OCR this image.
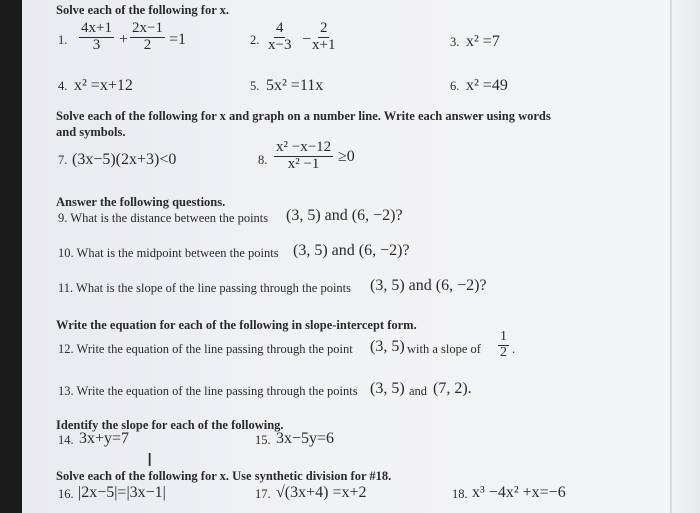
Solve each of the following for x.
1. $\frac{4x+1}{3} + \frac{2x-1}{2} =1$	2. $\frac{4}{x-3} - \frac{2}{x+1}$	3. x² =7
4. x² =x+12	5. 5x² =11x	6. x² =49
Solve each of the following for x and graph on a number line. Write each answer using words
and symbols.
7. (3x−5)(2x+3)<0	8. $\frac{\text{x² −x−12}}{\text{x² −1}} \ge 0$
Answer the following questions.
9. What is the distance between the points (3, 5) and (6, −2)?
10. What is the midpoint between the points (3, 5) and (6, −2)?
11. What is the slope of the line passing through the points (3, 5) and (6, −2)?
Write the equation for each of the following in slope-intercept form.
12. Write the equation of the line passing through the point (3, 5) with a slope of $\frac{1}{2}$ .
13. Write the equation of the line passing through the points (3, 5) and (7, 2).
Identify the slope for each of the following.
14. 3x+y=7	15. 3x−5y=6
Ι
Solve each of the following for x. Use synthetic division for #18.
16. |2x−5|=|3x−1|	17. √(3x+4) =x+2	18. x³ −4x² +x=−6
